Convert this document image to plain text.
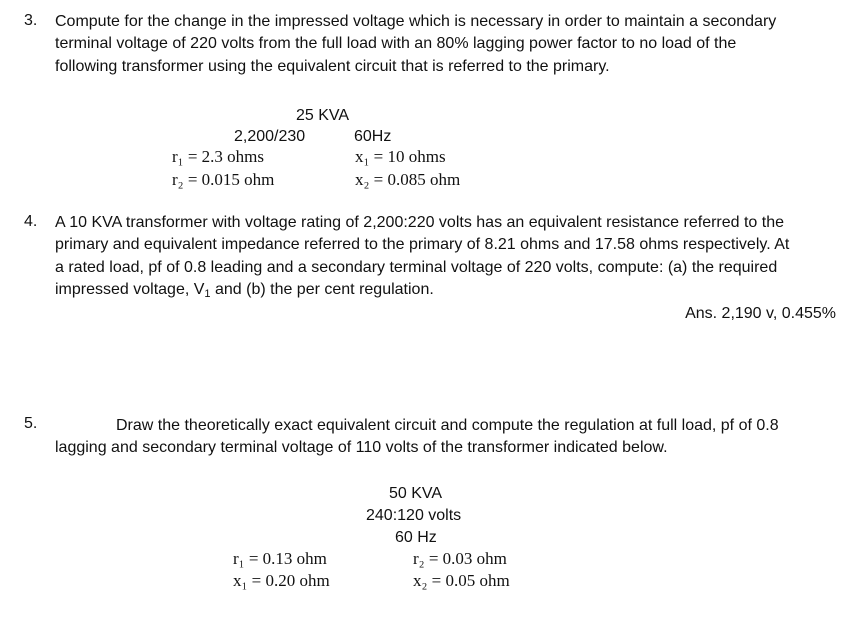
3. Compute for the change in the impressed voltage which is necessary in order to maintain a secondary
terminal voltage of 220 volts from the full load with an 80% lagging power factor to no load of the
following transformer using the equivalent circuit that is referred to the primary.
25 KVA
2,200/230	60Hz
r₁ = 2.3 ohms
r₂ = 0.015 ohm
x₁ = 10 ohms
x₂ = 0.085 ohm
4. A 10 KVA transformer with voltage rating of 2,200:220 volts has an equivalent resistance referred to the
primary and equivalent impedance referred to the primary of 8.21 ohms and 17.58 ohms respectively. At
a rated load, pf of 0.8 leading and a secondary terminal voltage of 220 volts, compute: (a) the required
impressed voltage, $V_1$ and (b) the per cent regulation.
Ans. 2,190 v, 0.455%
5.	Draw the theoretically exact equivalent circuit and compute the regulation at full load, pf of 0.8
lagging and secondary terminal voltage of 110 volts of the transformer indicated below.
50 KVA
240:120 volts
60 Hz
r₁ = 0.13 ohm
x₁ = 0.20 ohm
r₂ = 0.03 ohm
x₂ = 0.05 ohm
